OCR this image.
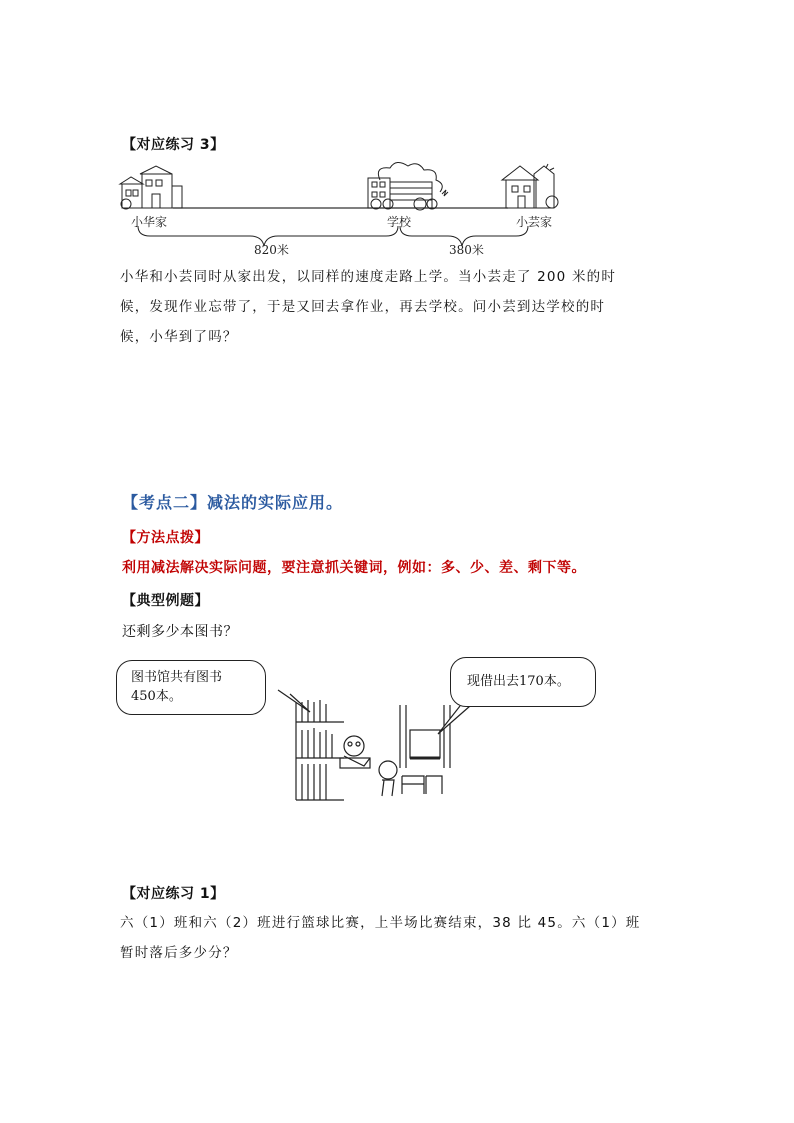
【对应练习 3】
小华家	学校	小芸家
820米	380米
小华和小芸同时从家出发，以同样的速度走路上学。当小芸走了 200 米的时
候，发现作业忘带了，于是又回去拿作业，再去学校。问小芸到达学校的时
候，小华到了吗？
【考点二】减法的实际应用。
【方法点拨】
利用减法解决实际问题，要注意抓关键词，例如：多、少、差、剩下等。
【典型例题】
还剩多少本图书？
图书馆共有图书
450本。
现借出去170本。
【对应练习 1】
六（1）班和六（2）班进行篮球比赛，上半场比赛结束，38 比 45。六（1）班
暂时落后多少分？
